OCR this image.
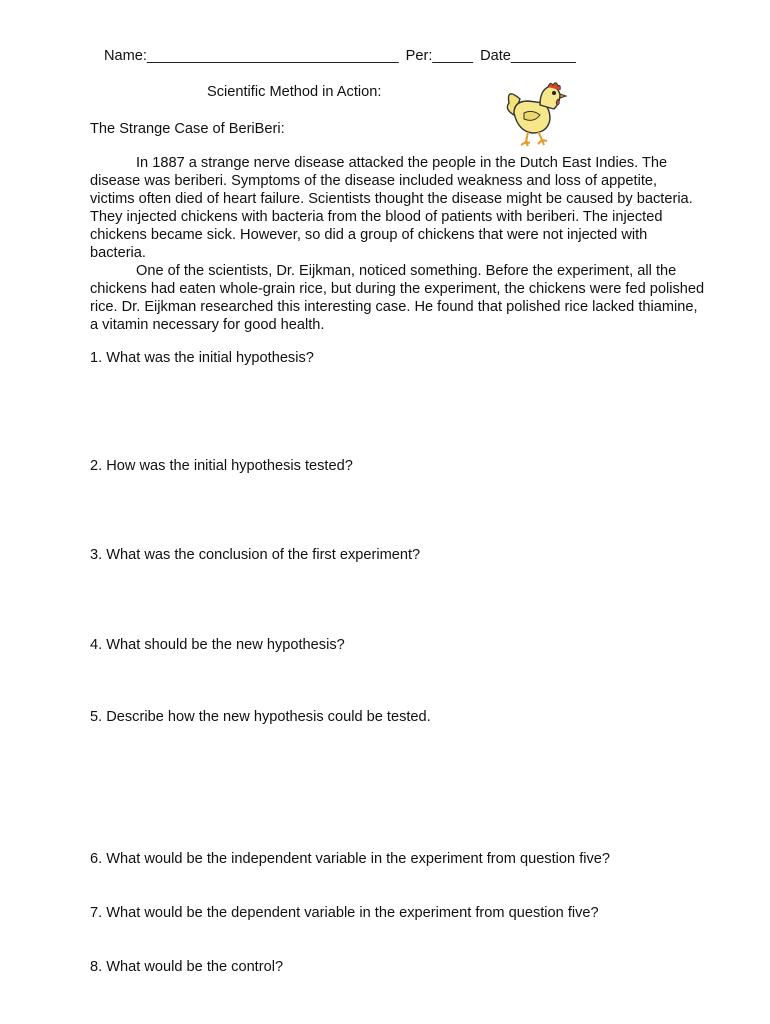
Name:_______________________________ Per:_____ Date________
Scientific Method in Action:
The Strange Case of BeriBeri:

In 1887 a strange nerve disease attacked the people in the Dutch East Indies. The disease was beriberi. Symptoms of the disease included weakness and loss of appetite, victims often died of heart failure. Scientists thought the disease might be caused by bacteria. They injected chickens with bacteria from the blood of patients with beriberi. The injected chickens became sick. However, so did a group of chickens that were not injected with bacteria.

One of the scientists, Dr. Eijkman, noticed something. Before the experiment, all the chickens had eaten whole-grain rice, but during the experiment, the chickens were fed polished rice. Dr. Eijkman researched this interesting case. He found that polished rice lacked thiamine, a vitamin necessary for good health.

1. What was the initial hypothesis?
2. How was the initial hypothesis tested?
3. What was the conclusion of the first experiment?
4. What should be the new hypothesis?
5. Describe how the new hypothesis could be tested.
6. What would be the independent variable in the experiment from question five?
7. What would be the dependent variable in the experiment from question five?
8. What would be the control?
